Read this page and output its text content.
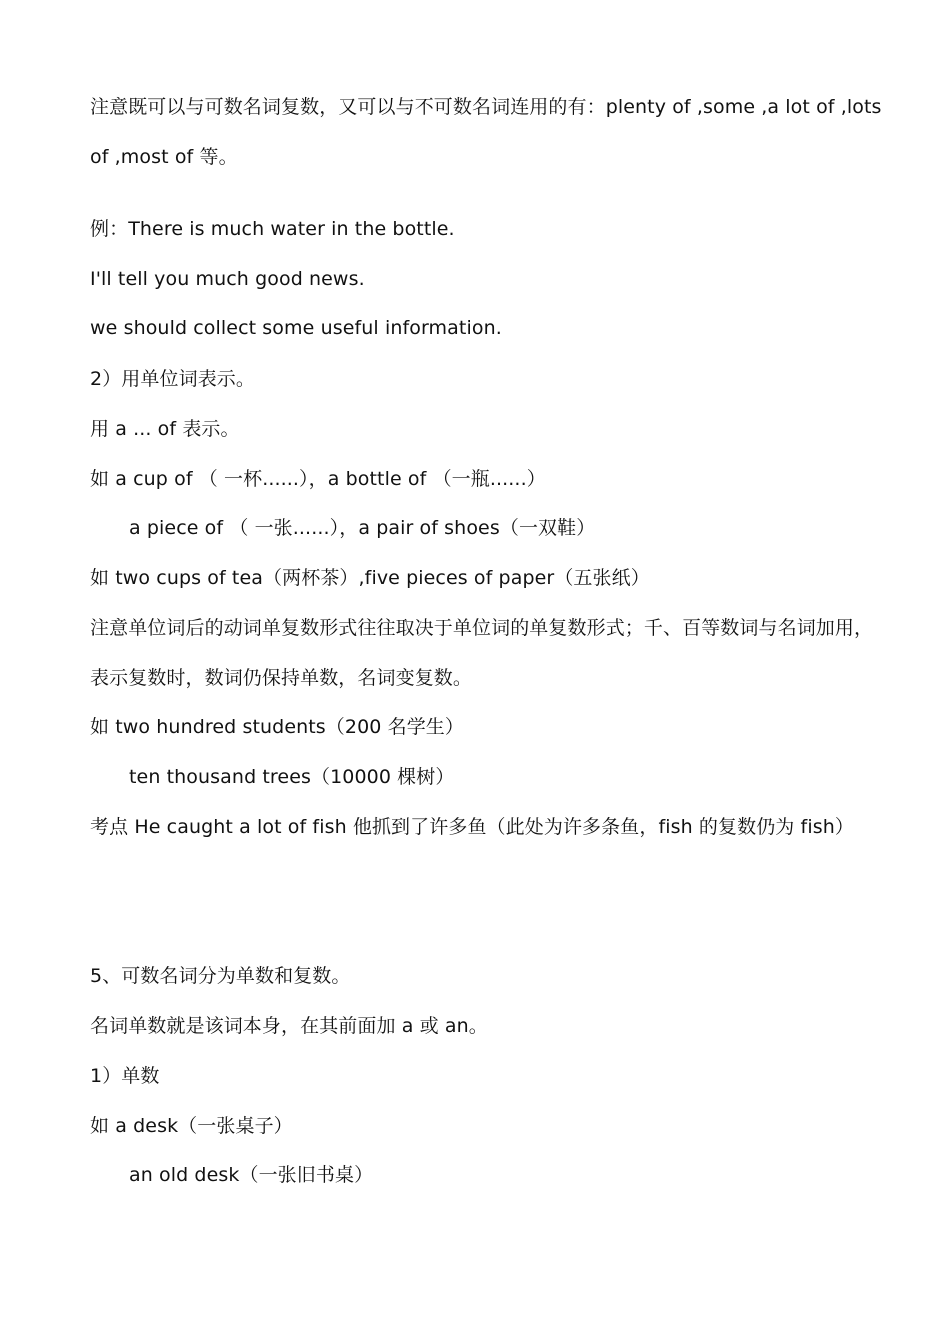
注意既可以与可数名词复数，又可以与不可数名词连用的有：plenty of ,some ,a lot of ,lots
of ,most of 等。
例：There is much water in the bottle.
I'll tell you much good news.
we should collect some useful information.
2）用单位词表示。
用 a ... of 表示。
如 a cup of （ 一杯......），a bottle of （一瓶......）
a piece of （ 一张......），a pair of shoes（一双鞋）
如 two cups of tea（两杯茶）,five pieces of paper（五张纸）
注意单位词后的动词单复数形式往往取决于单位词的单复数形式；千、百等数词与名词加用，
表示复数时，数词仍保持单数，名词变复数。
如 two hundred students（200 名学生）
ten thousand trees（10000 棵树）
考点 He caught a lot of fish 他抓到了许多鱼（此处为许多条鱼，fish 的复数仍为 fish）
5、可数名词分为单数和复数。
名词单数就是该词本身，在其前面加 a 或 an。
1）单数
如 a desk（一张桌子）
an old desk（一张旧书桌）
